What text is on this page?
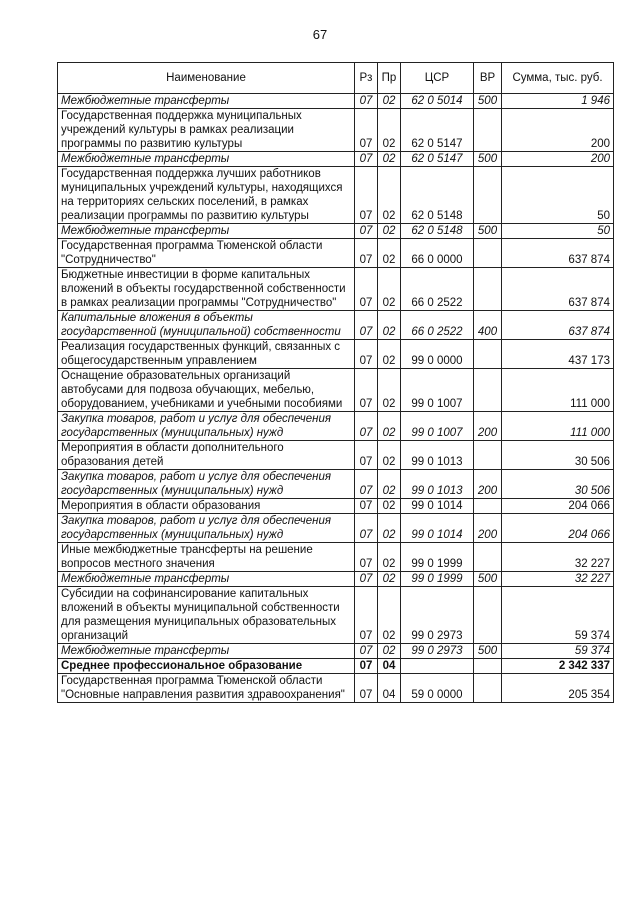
67
Наименование	Рз	Пр	ЦСР	ВР	Сумма, тыс. руб.
Межбюджетные трансферты	07	02	62 0 5014	500	1 946
Государственная поддержка муниципальных учреждений культуры в рамках реализации программы по развитию культуры	07	02	62 0 5147		200
Межбюджетные трансферты	07	02	62 0 5147	500	200
Государственная поддержка лучших работников муниципальных учреждений культуры, находящихся на территориях сельских поселений, в рамках реализации программы по развитию культуры	07	02	62 0 5148		50
Межбюджетные трансферты	07	02	62 0 5148	500	50
Государственная программа Тюменской области "Сотрудничество"	07	02	66 0 0000		637 874
Бюджетные инвестиции в форме капитальных вложений в объекты государственной собственности в рамках реализации программы "Сотрудничество"	07	02	66 0 2522		637 874
Капитальные вложения в объекты государственной (муниципальной) собственности	07	02	66 0 2522	400	637 874
Реализация государственных функций, связанных с общегосударственным управлением	07	02	99 0 0000		437 173
Оснащение образовательных организаций автобусами для подвоза обучающих, мебелью, оборудованием, учебниками и учебными пособиями	07	02	99 0 1007		111 000
Закупка товаров, работ и услуг для обеспечения государственных (муниципальных) нужд	07	02	99 0 1007	200	111 000
Мероприятия в области дополнительного образования детей	07	02	99 0 1013		30 506
Закупка товаров, работ и услуг для обеспечения государственных (муниципальных) нужд	07	02	99 0 1013	200	30 506
Мероприятия в области образования	07	02	99 0 1014		204 066
Закупка товаров, работ и услуг для обеспечения государственных (муниципальных) нужд	07	02	99 0 1014	200	204 066
Иные межбюджетные трансферты на решение вопросов местного значения	07	02	99 0 1999		32 227
Межбюджетные трансферты	07	02	99 0 1999	500	32 227
Субсидии на софинансирование капитальных вложений в объекты муниципальной собственности для размещения муниципальных образовательных организаций	07	02	99 0 2973		59 374
Межбюджетные трансферты	07	02	99 0 2973	500	59 374
Среднее профессиональное образование	07	04			2 342 337
Государственная программа Тюменской области "Основные направления развития здравоохранения"	07	04	59 0 0000		205 354
